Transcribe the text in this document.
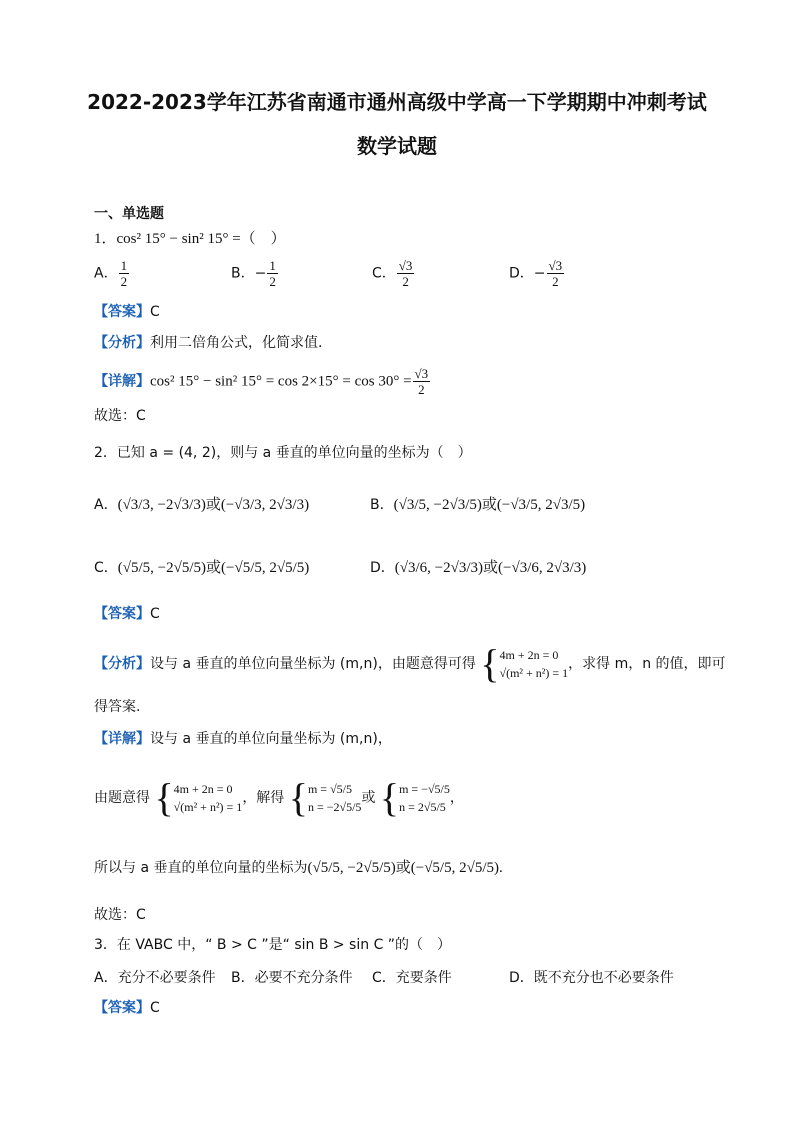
2022-2023学年江苏省南通市通州高级中学高一下学期期中冲刺考试
数学试题
一、单选题
1．cos² 15° − sin² 15° =（　）
A． $\frac{1}{2}$	B．− $\frac{1}{2}$	C． $\frac{√3}{2}$	D．− $\frac{√3}{2}$
【答案】C
【分析】利用二倍角公式，化简求值.
【详解】cos² 15° − sin² $15^\circ = \cos 2\times 15^\circ = \cos 30^\circ = \frac{√3}{2}$
故选：C
2．已知 a = (4, 2)，则与 a 垂直的单位向量的坐标为（　）
A．(√3/3, −2√3/3)或(−√3/3, 2√3/3)	B．(√3/5, −2√3/5)或(−√3/5, 2√3/5)
C．(√5/5, −2√5/5)或(−√5/5, 2√5/5)	D．(√3/6, −2√3/3)或(−√3/6, 2√3/3)
【答案】C
【分析】设与 a 垂直的单位向量坐标为 (m,n)，由题意得可得 { 4m + 2n = 0
√(m² + n²) = 1
，求得 m，n 的值，即可
得答案.
【详解】设与 a 垂直的单位向量坐标为 (m,n)，
由题意得 { 4m + 2n = 0
√(m² + n²) = 1
，解得 { m = √5/5
n = −2√5/5
或 { m = −√5/5
n = 2√5/5
，
所以与 a 垂直的单位向量的坐标为(√5/5, −2√5/5)或(−√5/5, 2√5/5).
故选：C
3．在 VABC 中，“ B > C ”是“ sin B > sin C ”的（　）
A．充分不必要条件 B．必要不充分条件 C．充要条件	D．既不充分也不必要条件
【答案】C
